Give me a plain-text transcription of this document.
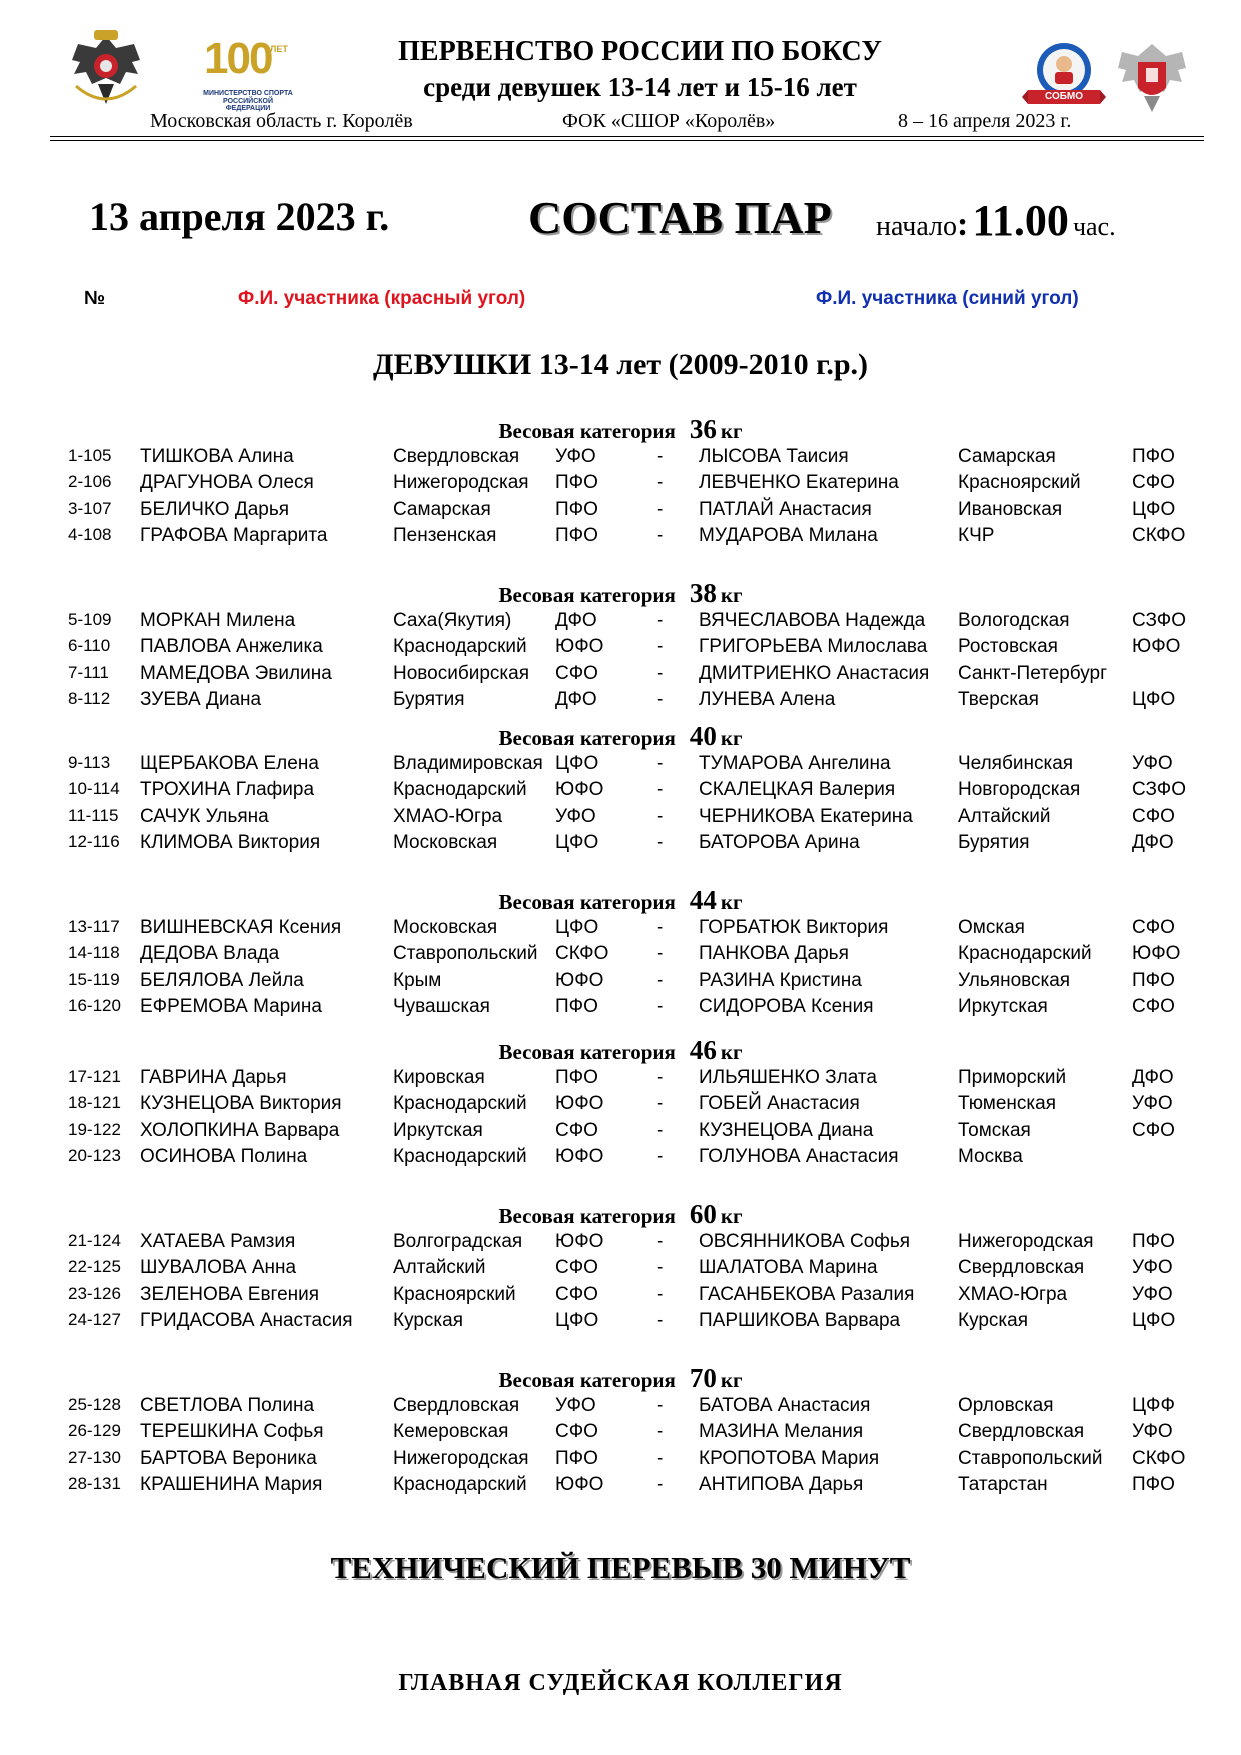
100
ЛЕТ
МИНИСТЕРСТВО СПОРТА
РОССИЙСКОЙ ФЕДЕРАЦИИ
СОБМО
ПЕРВЕНСТВО РОССИИ ПО БОКСУ
среди девушек 13-14 лет и 15-16 лет
Московская область г. Королёв	ФОК «СШОР «Королёв»	8 – 16 апреля 2023 г.
13 апреля 2023 г.	СОСТАВ ПАР начало: 11.00 час.
№	Ф.И. участника (красный угол)	Ф.И. участника (синий угол)
ДЕВУШКИ 13-14 лет (2009-2010 г.р.)
Весовая категория 36 кг
1-105 ТИШКОВА Алина	Свердловская УФО	- ЛЫСОВА Таисия	Самарская	ПФО
2-106 ДРАГУНОВА Олеся	Нижегородская ПФО	- ЛЕВЧЕНКО Екатерина	Красноярский	СФО
3-107 БЕЛИЧКО Дарья	Самарская	ПФО	- ПАТЛАЙ Анастасия	Ивановская	ЦФО
4-108 ГРАФОВА Маргарита	Пензенская	ПФО	- МУДАРОВА Милана	КЧР	СКФО
Весовая категория 38 кг
5-109 МОРКАН Милена	Саха(Якутия) ДФО	- ВЯЧЕСЛАВОВА Надежда Вологодская	СЗФО
6-110 ПАВЛОВА Анжелика	Краснодарский ЮФО	- ГРИГОРЬЕВА Милослава Ростовская	ЮФО
7-111 МАМЕДОВА Эвилина	Новосибирская СФО	- ДМИТРИЕНКО Анастасия Санкт-Петербург
8-112 ЗУЕВА Диана	Бурятия	ДФО	- ЛУНЕВА Алена	Тверская	ЦФО
Весовая категория 40 кг
9-113 ЩЕРБАКОВА Елена	Владимировская ЦФО	- ТУМАРОВА Ангелина	Челябинская	УФО
10-114 ТРОХИНА Глафира	Краснодарский ЮФО	- СКАЛЕЦКАЯ Валерия	Новгородская	СЗФО
11-115 САЧУК Ульяна	ХМАО-Югра	УФО	- ЧЕРНИКОВА Екатерина Алтайский	СФО
12-116 КЛИМОВА Виктория	Московская	ЦФО	- БАТОРОВА Арина	Бурятия	ДФО
Весовая категория 44 кг
13-117 ВИШНЕВСКАЯ Ксения	Московская	ЦФО	- ГОРБАТЮК Виктория	Омская	СФО
14-118 ДЕДОВА Влада	Ставропольский СКФО	- ПАНКОВА Дарья	Краснодарский ЮФО
15-119 БЕЛЯЛОВА Лейла	Крым	ЮФО	- РАЗИНА Кристина	Ульяновская	ПФО
16-120 ЕФРЕМОВА Марина	Чувашская	ПФО	- СИДОРОВА Ксения	Иркутская	СФО
Весовая категория 46 кг
17-121 ГАВРИНА Дарья	Кировская	ПФО	- ИЛЬЯШЕНКО Злата	Приморский	ДФО
18-121 КУЗНЕЦОВА Виктория	Краснодарский ЮФО	- ГОБЕЙ Анастасия	Тюменская	УФО
19-122 ХОЛОПКИНА Варвара	Иркутская	СФО	- КУЗНЕЦОВА Диана	Томская	СФО
20-123 ОСИНОВА Полина	Краснодарский ЮФО	- ГОЛУНОВА Анастасия	Москва
Весовая категория 60 кг
21-124 ХАТАЕВА Рамзия	Волгоградская ЮФО	- ОВСЯННИКОВА Софья	Нижегородская ПФО
22-125 ШУВАЛОВА Анна	Алтайский	СФО	- ШАЛАТОВА Марина	Свердловская	УФО
23-126 ЗЕЛЕНОВА Евгения	Красноярский СФО	- ГАСАНБЕКОВА Разалия ХМАО-Югра	УФО
24-127 ГРИДАСОВА Анастасия Курская	ЦФО	- ПАРШИКОВА Варвара	Курская	ЦФО
Весовая категория 70 кг
25-128 СВЕТЛОВА Полина	Свердловская УФО	- БАТОВА Анастасия	Орловская	ЦФФ
26-129 ТЕРЕШКИНА Софья	Кемеровская СФО	- МАЗИНА Мелания	Свердловская	УФО
27-130 БАРТОВА Вероника	Нижегородская ПФО	- КРОПОТОВА Мария	Ставропольский СКФО
28-131 КРАШЕНИНА Мария	Краснодарский ЮФО	- АНТИПОВА Дарья	Татарстан	ПФО
ТЕХНИЧЕСКИЙ ПЕРЕВЫВ 30 МИНУТ
ГЛАВНАЯ СУДЕЙСКАЯ КОЛЛЕГИЯ
